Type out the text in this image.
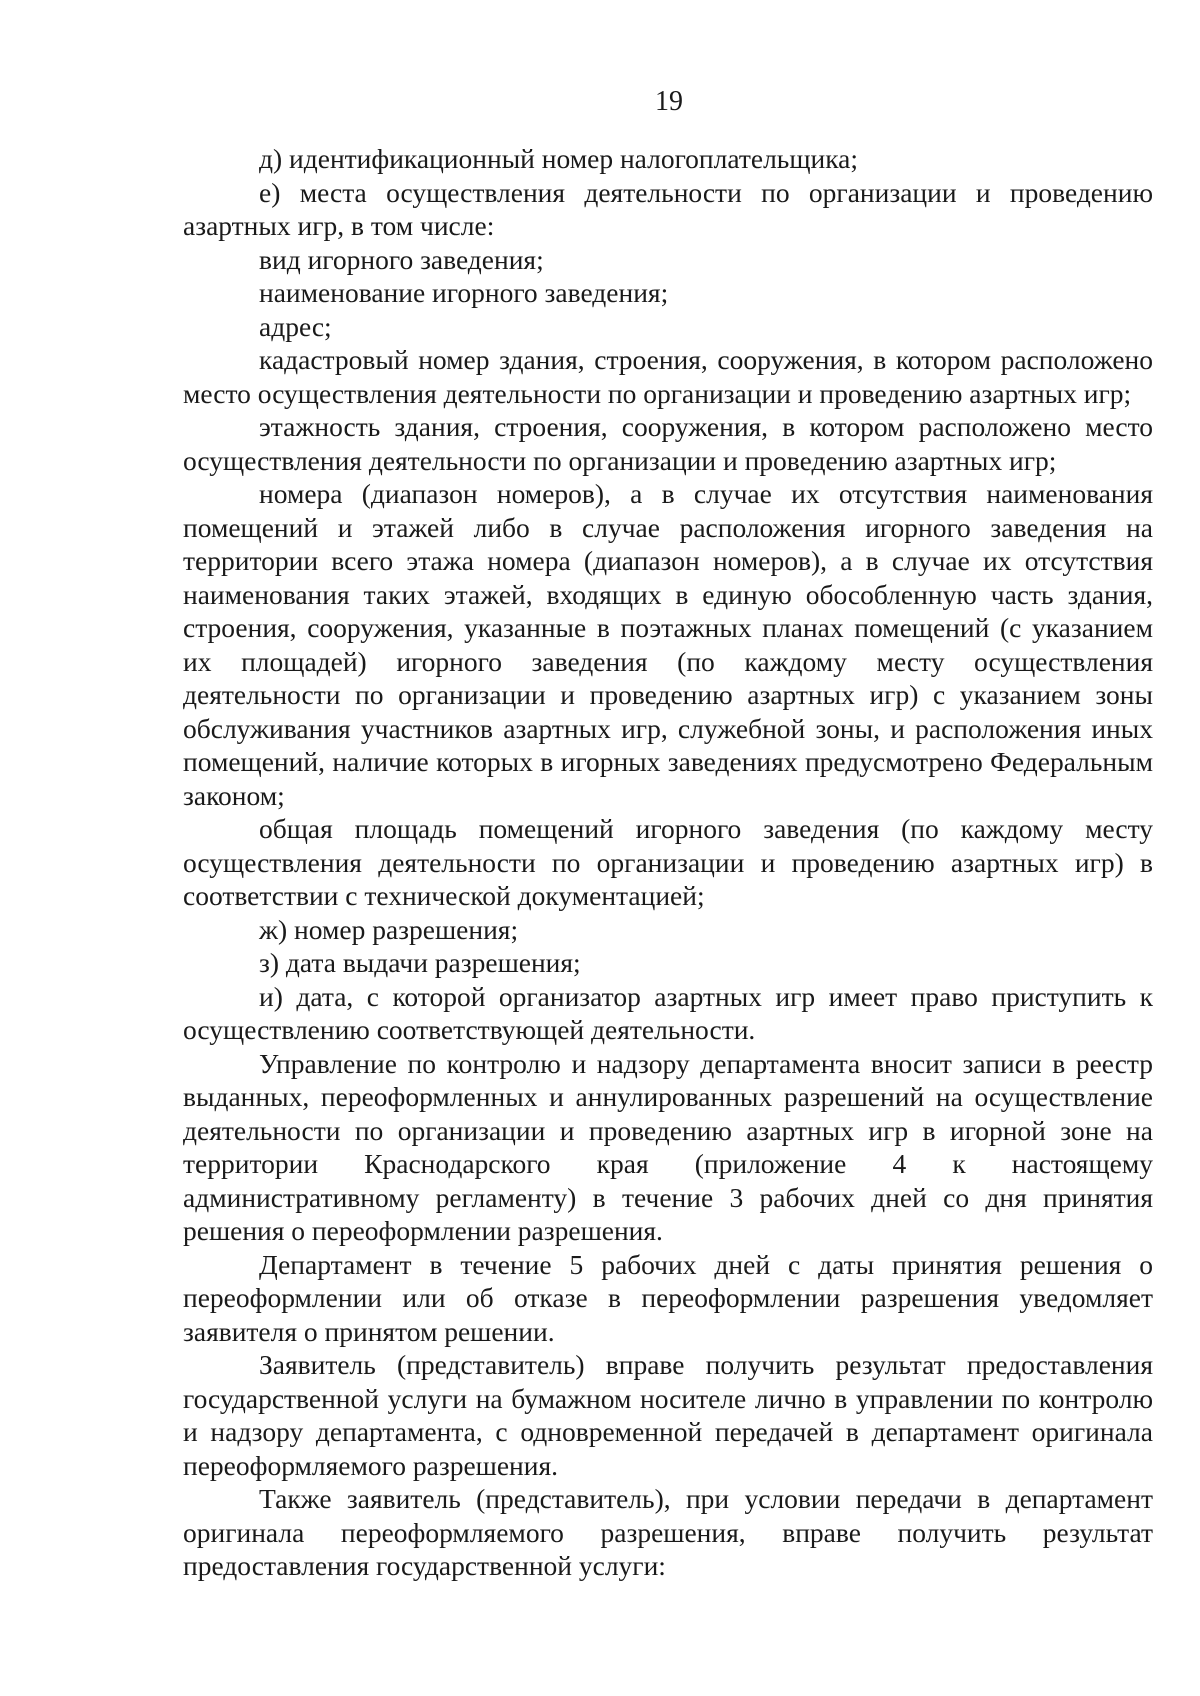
19

д) идентификационный номер налогоплательщика;

е) места осуществления деятельности по организации и проведению азартных игр, в том числе:

вид игорного заведения;

наименование игорного заведения;

адрес;

кадастровый номер здания, строения, сооружения, в котором расположено место осуществления деятельности по организации и проведению азартных игр;

этажность здания, строения, сооружения, в котором расположено место осуществления деятельности по организации и проведению азартных игр;

номера (диапазон номеров), а в случае их отсутствия наименования помещений и этажей либо в случае расположения игорного заведения на территории всего этажа номера (диапазон номеров), а в случае их отсутствия наименования таких этажей, входящих в единую обособленную часть здания, строения, сооружения, указанные в поэтажных планах помещений (с указанием их площадей) игорного заведения (по каждому месту осуществления деятельности по организации и проведению азартных игр) с указанием зоны обслуживания участников азартных игр, служебной зоны, и расположения иных помещений, наличие которых в игорных заведениях предусмотрено Федеральным законом;

общая площадь помещений игорного заведения (по каждому месту осуществления деятельности по организации и проведению азартных игр) в соответствии с технической документацией;

ж) номер разрешения;

з) дата выдачи разрешения;

и) дата, с которой организатор азартных игр имеет право приступить к осуществлению соответствующей деятельности.

Управление по контролю и надзору департамента вносит записи в реестр выданных, переоформленных и аннулированных разрешений на осуществление деятельности по организации и проведению азартных игр в игорной зоне на территории Краснодарского края (приложение 4 к настоящему административному регламенту) в течение 3 рабочих дней со дня принятия решения о переоформлении разрешения.

Департамент в течение 5 рабочих дней с даты принятия решения о переоформлении или об отказе в переоформлении разрешения уведомляет заявителя о принятом решении.

Заявитель (представитель) вправе получить результат предоставления государственной услуги на бумажном носителе лично в управлении по контролю и надзору департамента, с одновременной передачей в департамент оригинала переоформляемого разрешения.

Также заявитель (представитель), при условии передачи в департамент оригинала переоформляемого разрешения, вправе получить результат предоставления государственной услуги:
